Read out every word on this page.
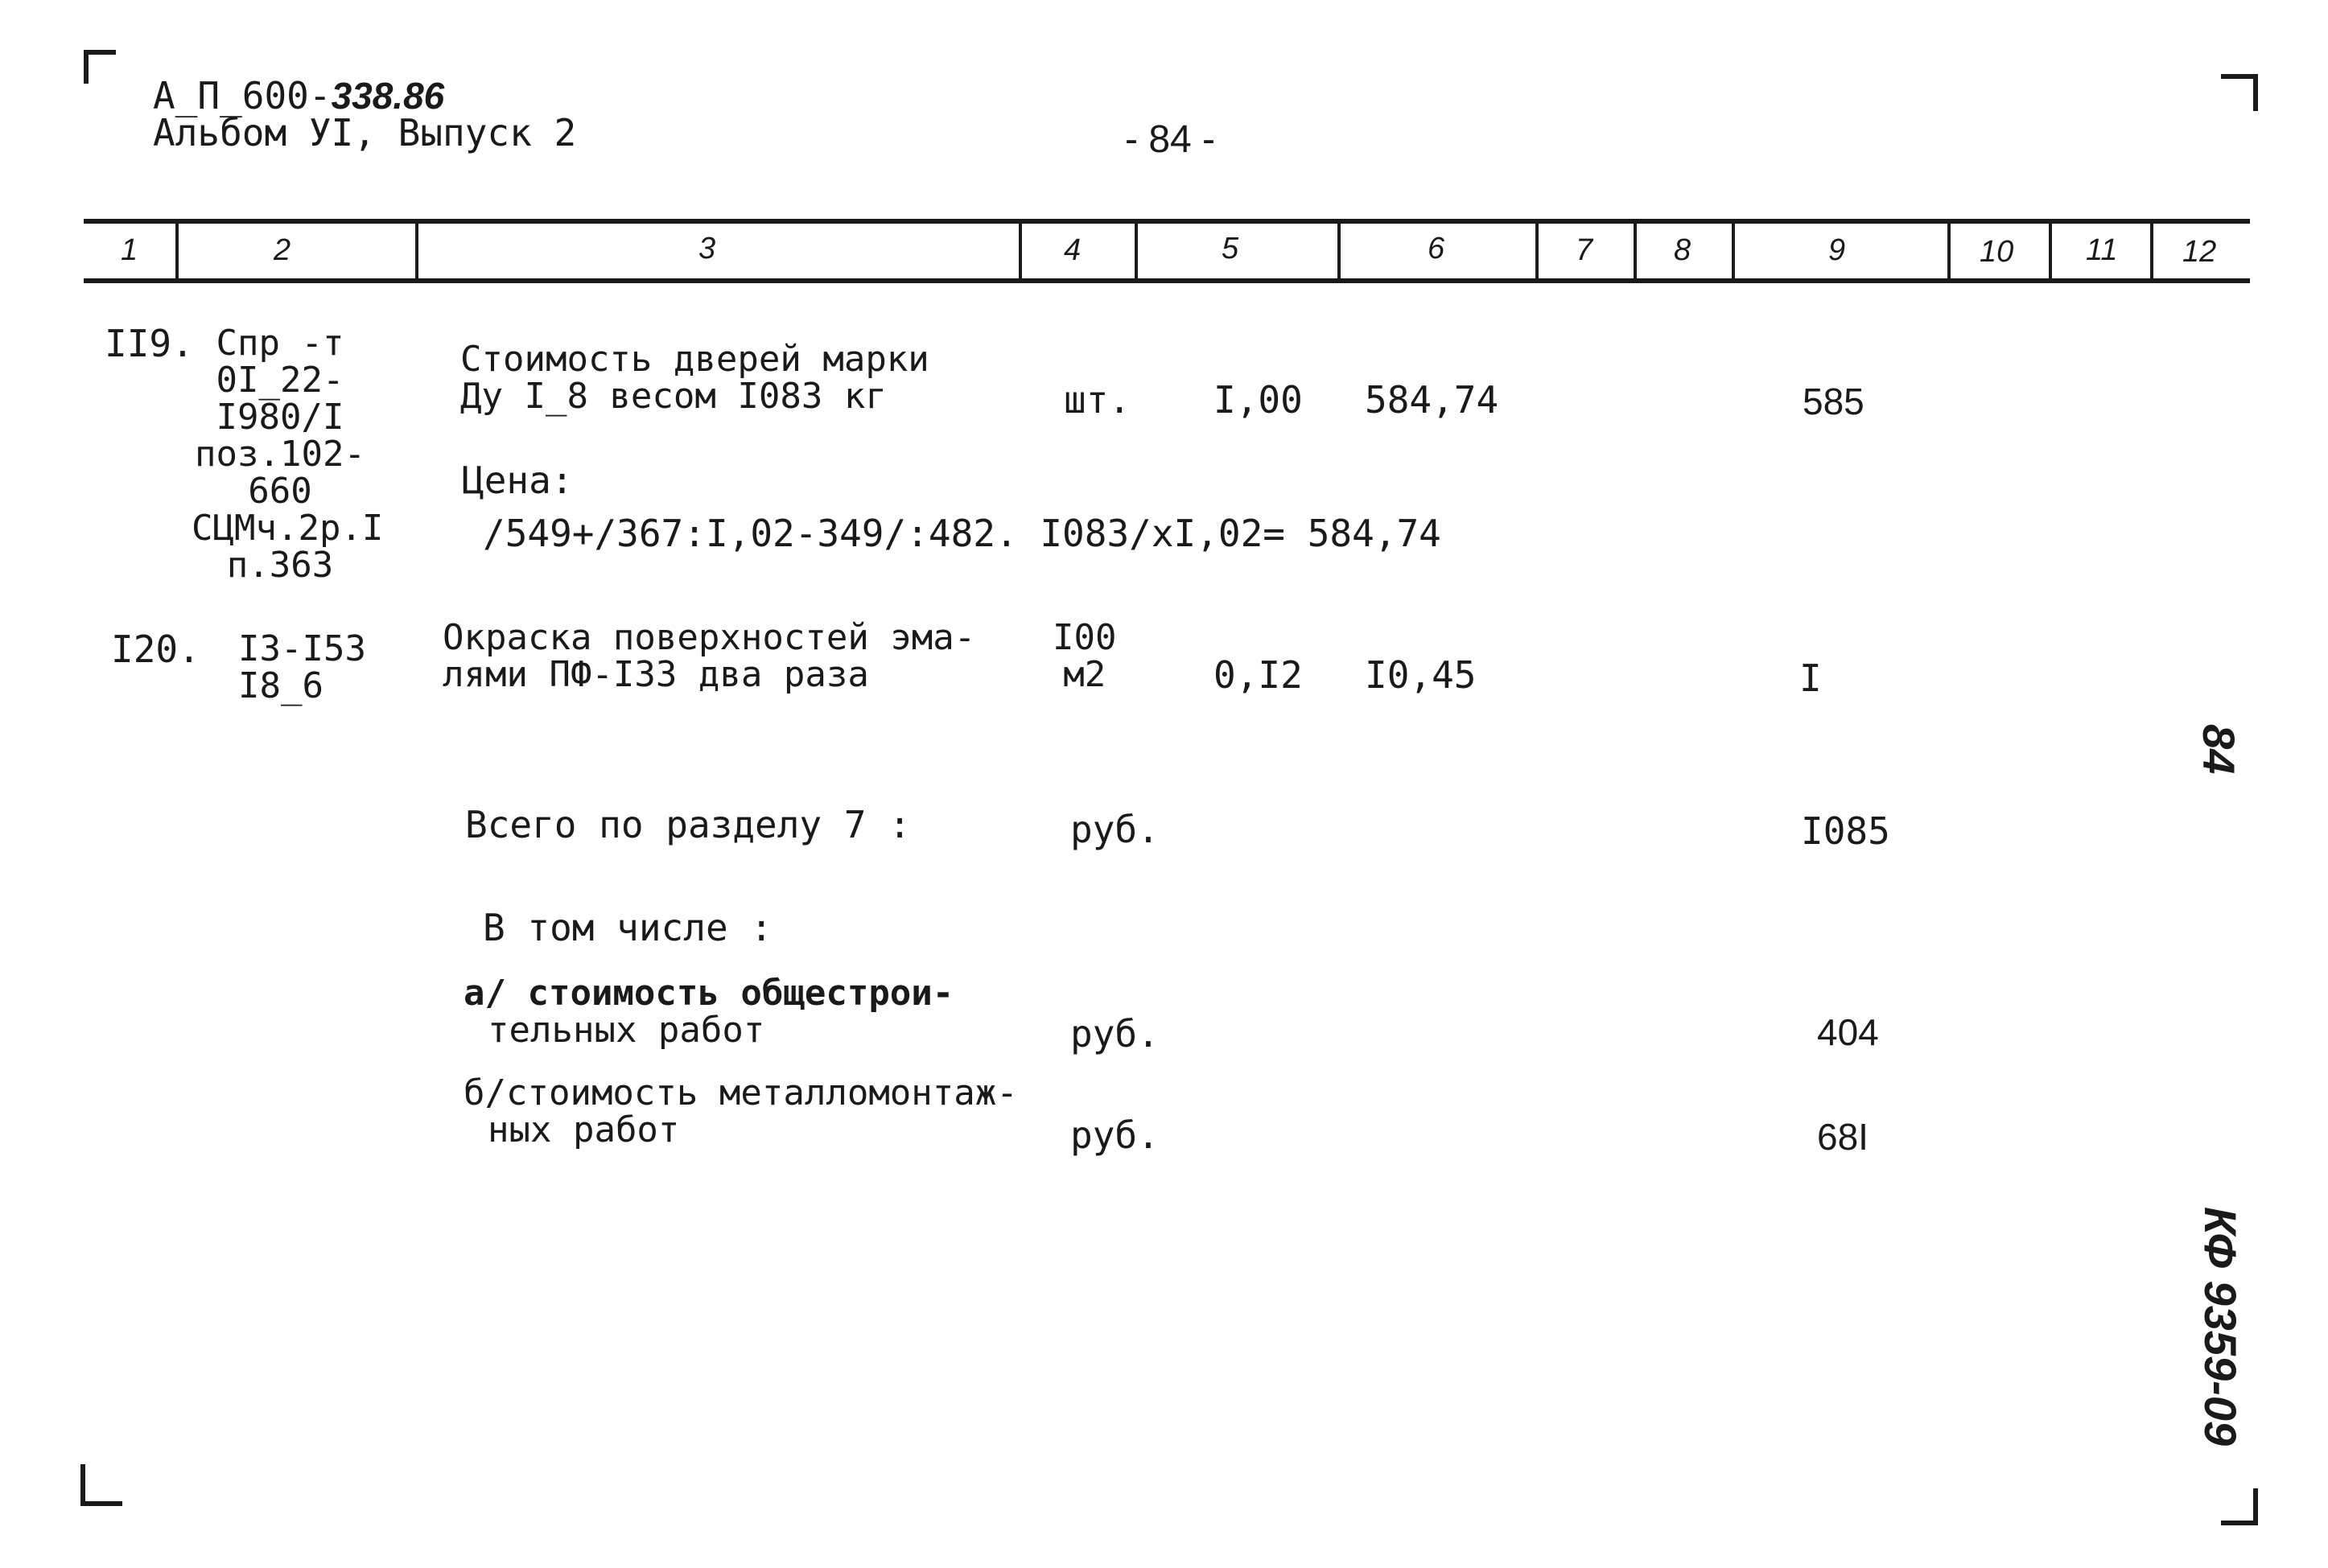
А_П_600-338.86
Альбом УI, Выпуск 2	- 84 -
1	2	3	4	5	6	7	8	9	10 11 12
II9. Спр -т
0I_22-
I980/I
поз.102-
660
СЦМч.2р.I
п.363
Стоимость дверей марки
Ду I_8 весом I083 кг	шт. I,00 584,74	585
Цена:
/549+/367:I,02-349/:482. I083/хI,02= 584,74
I20. I3-I53
I8_6
Окраска поверхностей эма-
лями ПФ-I33 два раза
I00
м2	0,I2 I0,45	I
Всего по разделу 7 :	руб.	I085
В том числе :
а/ стоимость общестрои-
тельных работ	руб.	404
б/стоимость металломонтаж-
ных работ	руб.	68I
84
КФ 9359-09
